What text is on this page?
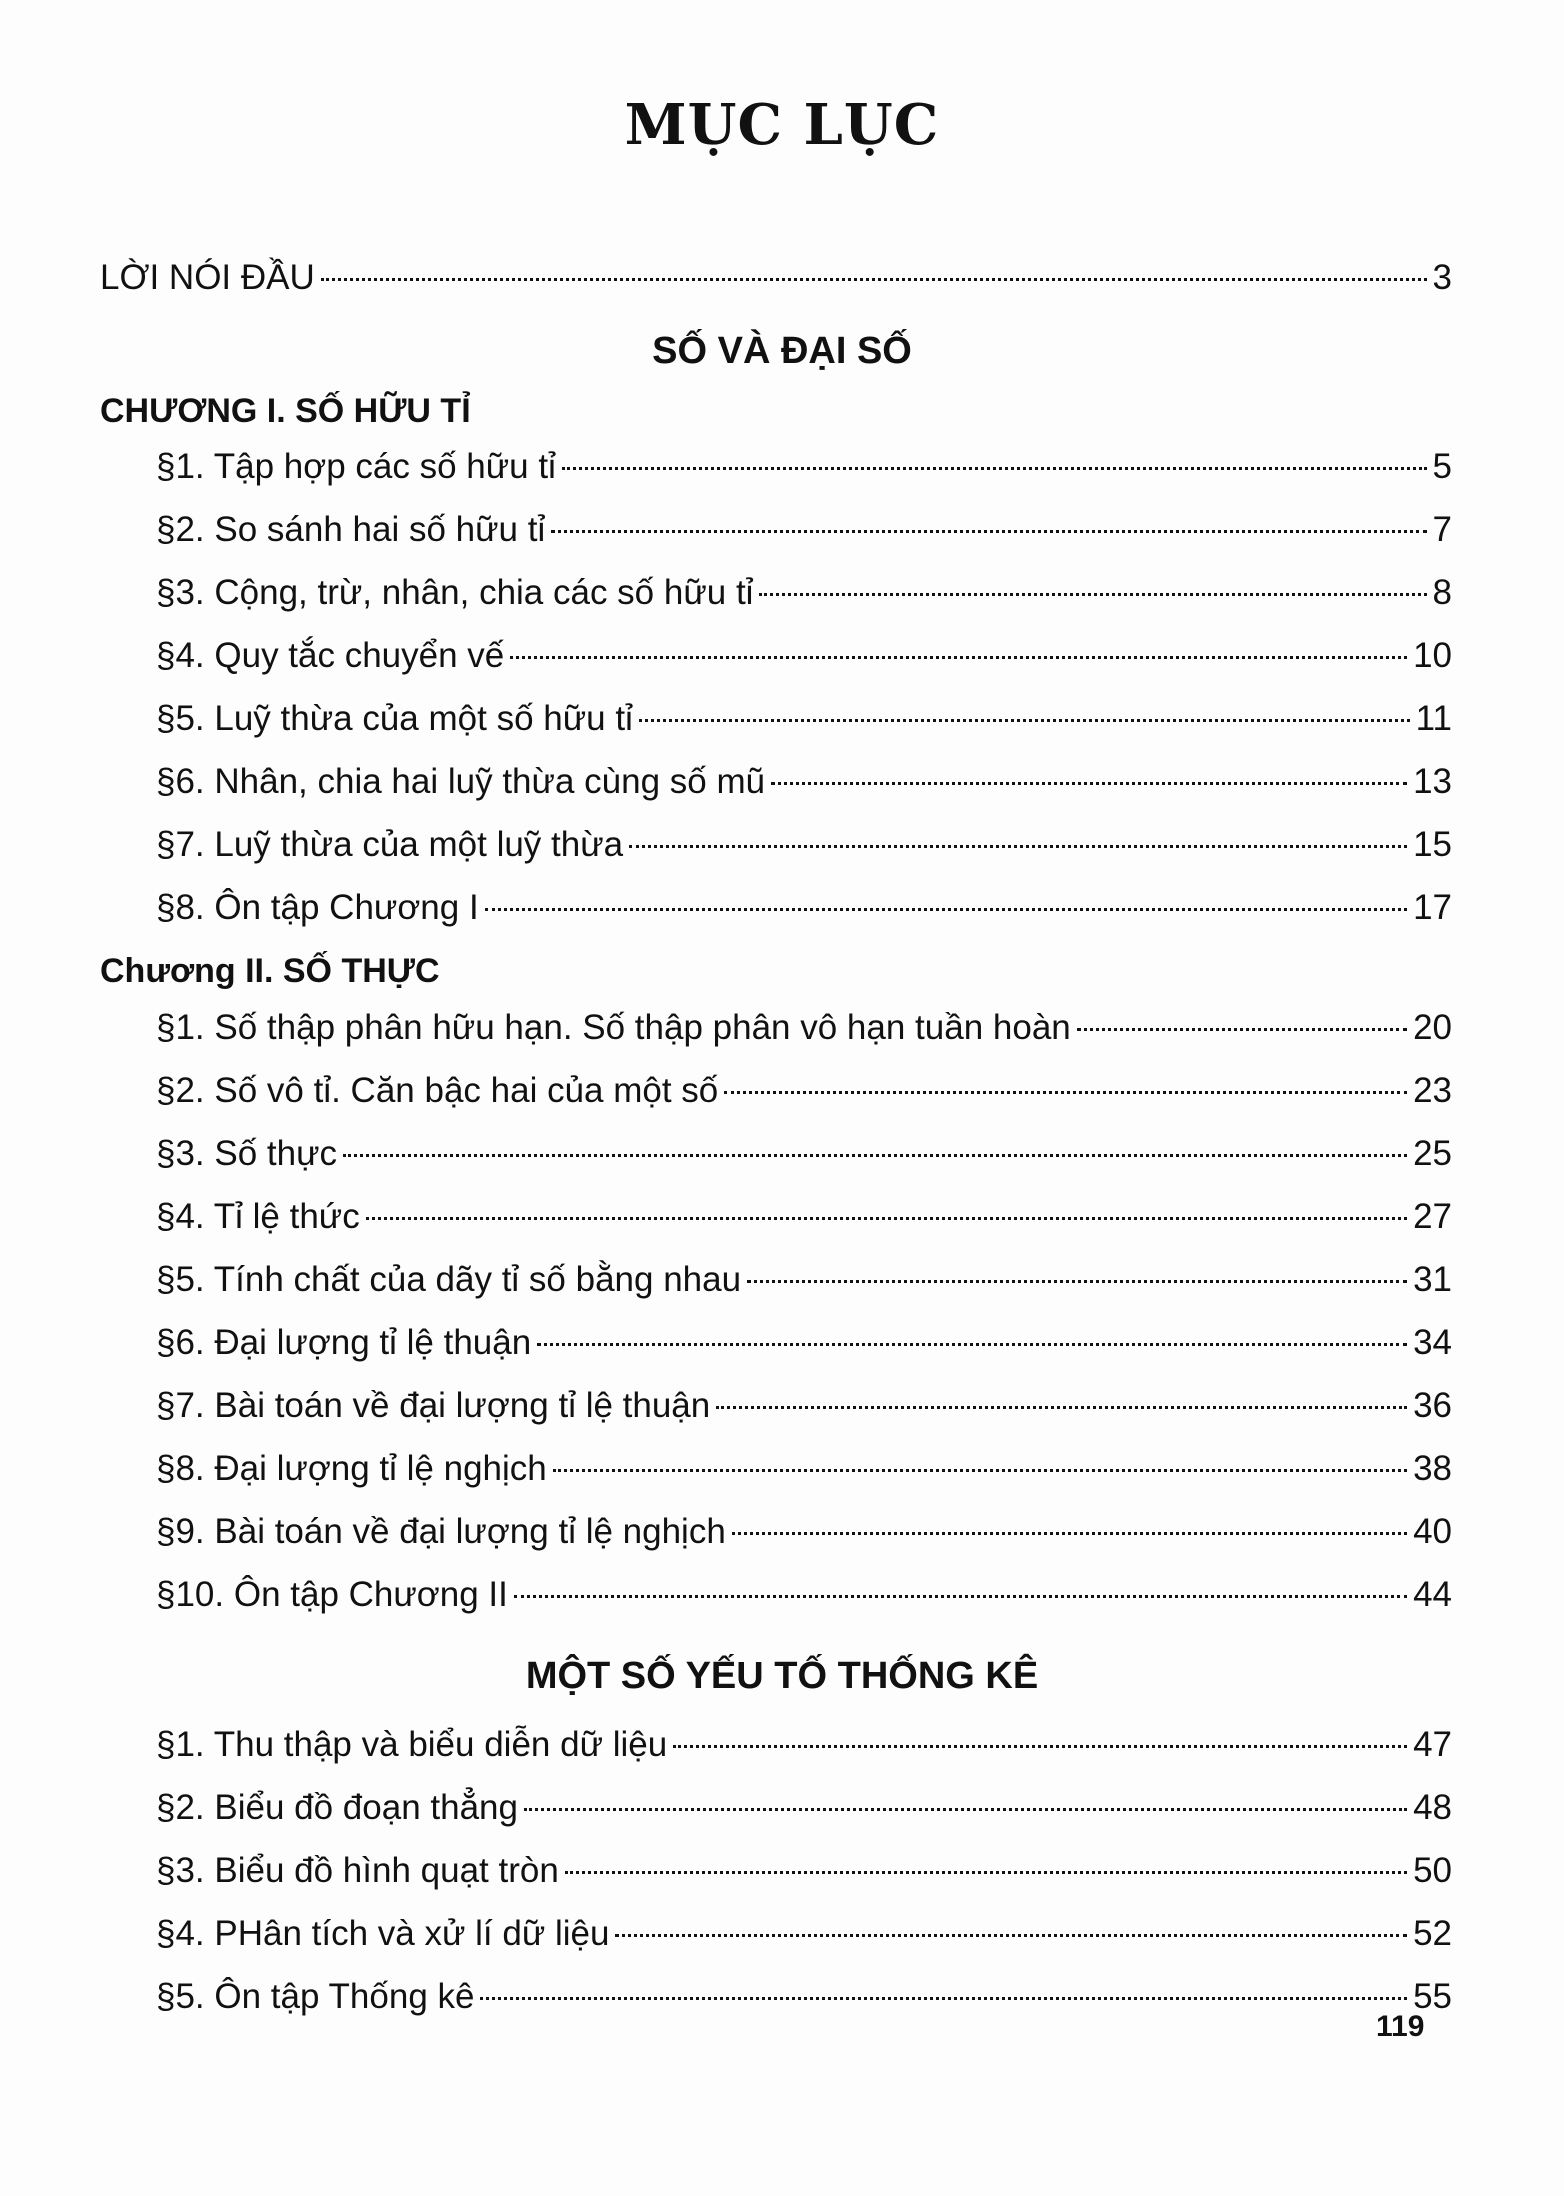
MỤC LỤC
LỜI NÓI ĐẦU	3
SỐ VÀ ĐẠI SỐ
CHƯƠNG I. SỐ HỮU TỈ
§1. Tập hợp các số hữu tỉ	5
§2. So sánh hai số hữu tỉ	7
§3. Cộng, trừ, nhân, chia các số hữu tỉ	8
§4. Quy tắc chuyển vế	10
§5. Luỹ thừa của một số hữu tỉ	11
§6. Nhân, chia hai luỹ thừa cùng số mũ	13
§7. Luỹ thừa của một luỹ thừa	15
§8. Ôn tập Chương I	17
Chương II. SỐ THỰC
§1. Số thập phân hữu hạn. Số thập phân vô hạn tuần hoàn	20
§2. Số vô tỉ. Căn bậc hai của một số	23
§3. Số thực	25
§4. Tỉ lệ thức	27
§5. Tính chất của dãy tỉ số bằng nhau	31
§6. Đại lượng tỉ lệ thuận	34
§7. Bài toán về đại lượng tỉ lệ thuận	36
§8. Đại lượng tỉ lệ nghịch	38
§9. Bài toán về đại lượng tỉ lệ nghịch	40
§10. Ôn tập Chương II	44
MỘT SỐ YẾU TỐ THỐNG KÊ
§1. Thu thập và biểu diễn dữ liệu	47
§2. Biểu đồ đoạn thẳng	48
§3. Biểu đồ hình quạt tròn	50
§4. PHân tích và xử lí dữ liệu	52
§5. Ôn tập Thống kê	55
119
